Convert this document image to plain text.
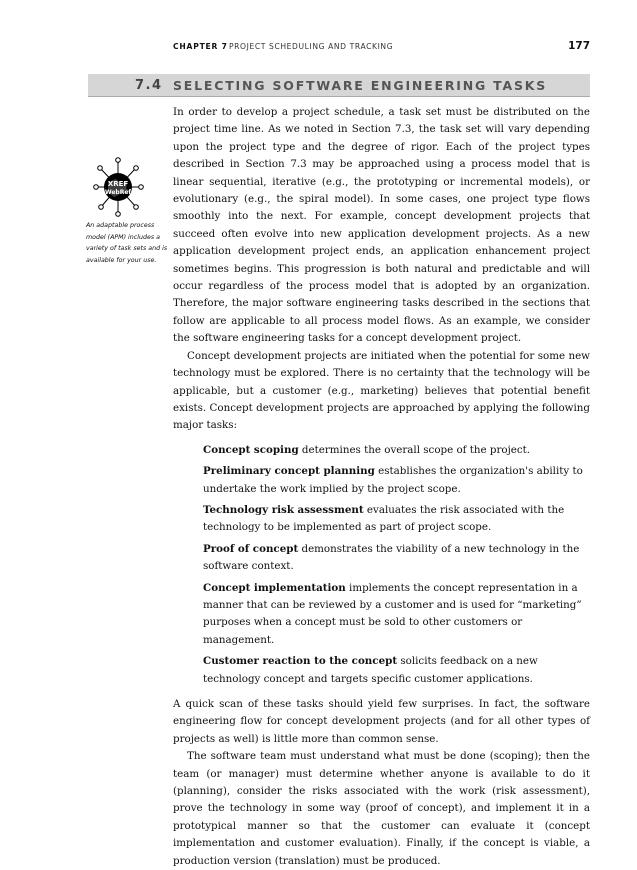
CHAPTER 7 PROJECT SCHEDULING AND TRACKING	177
7.4 SELECTING SOFTWARE ENGINEERING TASKS
XREF
WebRef
An adaptable process model (APM) includes a variety of task sets and is available for your use.

In order to develop a project schedule, a task set must be distributed on the project time line. As we noted in Section 7.3, the task set will vary depending upon the project type and the degree of rigor. Each of the project types described in Section 7.3 may be approached using a process model that is linear sequential, iterative (e.g., the prototyping or incremental models), or evolutionary (e.g., the spiral model). In some cases, one project type flows smoothly into the next. For example, concept development projects that succeed often evolve into new application development projects. As a new application development project ends, an application enhancement project sometimes begins. This progression is both natural and predictable and will occur regardless of the process model that is adopted by an organization. Therefore, the major software engineering tasks described in the sections that follow are applicable to all process model flows. As an example, we consider the software engineering tasks for a concept development project.

Concept development projects are initiated when the potential for some new technology must be explored. There is no certainty that the technology will be applicable, but a customer (e.g., marketing) believes that potential benefit exists. Concept development projects are approached by applying the following major tasks:

Concept scoping determines the overall scope of the project.
Preliminary concept planning establishes the organization's ability to undertake the work implied by the project scope.
Technology risk assessment evaluates the risk associated with the technology to be implemented as part of project scope.
Proof of concept demonstrates the viability of a new technology in the software context.
Concept implementation implements the concept representation in a manner that can be reviewed by a customer and is used for “marketing” purposes when a concept must be sold to other customers or management.
Customer reaction to the concept solicits feedback on a new technology concept and targets specific customer applications.

A quick scan of these tasks should yield few surprises. In fact, the software engineering flow for concept development projects (and for all other types of projects as well) is little more than common sense.

The software team must understand what must be done (scoping); then the team (or manager) must determine whether anyone is available to do it (planning), consider the risks associated with the work (risk assessment), prove the technology in some way (proof of concept), and implement it in a prototypical manner so that the customer can evaluate it (concept implementation and customer evaluation). Finally, if the concept is viable, a production version (translation) must be produced.
